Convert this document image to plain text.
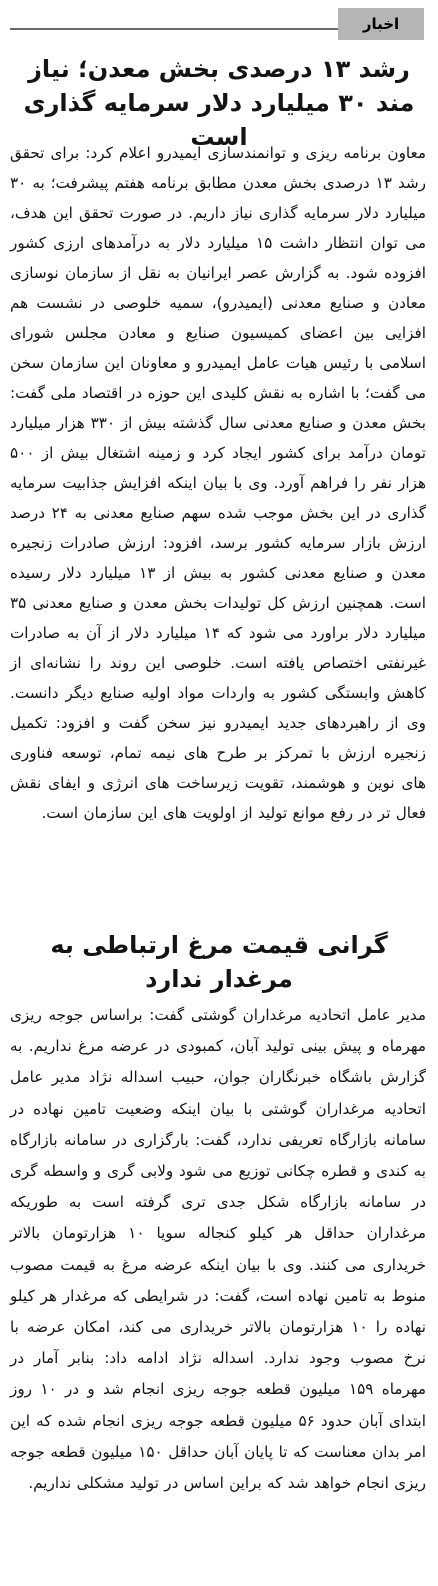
اخبار
رشد ۱۳ درصدی بخش معدن؛ نیاز مند ۳۰ میلیارد دلار سرمایه گذاری است

معاون برنامه ریزی و توانمندسازی ایمیدرو اعلام کرد: برای تحقق رشد ۱۳ درصدی بخش معدن مطابق برنامه هفتم پیشرفت؛ به ۳۰ میلیارد دلار سرمایه گذاری نیاز داریم. در صورت تحقق این هدف، می توان انتظار داشت ۱۵ میلیارد دلار به درآمدهای ارزی کشور افزوده شود. به گزارش عصر ایرانیان به نقل از سازمان نوسازی معادن و صنایع معدنی (ایمیدرو)، سمیه خلوصی در نشست هم افزایی بین اعضای کمیسیون صنایع و معادن مجلس شورای اسلامی با رئیس هیات عامل ایمیدرو و معاونان این سازمان سخن می گفت؛ با اشاره به نقش کلیدی این حوزه در اقتصاد ملی گفت: بخش معدن و صنایع معدنی سال گذشته بیش از ۳۳۰ هزار میلیارد تومان درآمد برای کشور ایجاد کرد و زمینه اشتغال بیش از ۵۰۰ هزار نفر را فراهم آورد. وی با بیان اینکه افزایش جذابیت سرمایه گذاری در این بخش موجب شده سهم صنایع معدنی به ۲۴ درصد ارزش بازار سرمایه کشور برسد، افزود: ارزش صادرات زنجیره معدن و صنایع معدنی کشور به بیش از ۱۳ میلیارد دلار رسیده است. همچنین ارزش کل تولیدات بخش معدن و صنایع معدنی ۳۵ میلیارد دلار براورد می شود که ۱۴ میلیارد دلار از آن به صادرات غیرنفتی اختصاص یافته است. خلوصی این روند را نشانه‌ای از کاهش وابستگی کشور به واردات مواد اولیه صنایع دیگر دانست. وی از راهبردهای جدید ایمیدرو نیز سخن گفت و افزود: تکمیل زنجیره ارزش با تمرکز بر طرح های نیمه تمام، توسعه فناوری های نوین و هوشمند، تقویت زیرساخت های انرژی و ایفای نقش فعال تر در رفع موانع تولید از اولویت های این سازمان است.

گرانی قیمت مرغ ارتباطی به مرغدار ندارد

مدیر عامل اتحادیه مرغداران گوشتی گفت: براساس جوجه ریزی مهرماه و پیش بینی تولید آبان، کمبودی در عرضه مرغ نداریم. به گزارش باشگاه خبرنگاران جوان، حبیب اسداله نژاد مدیر عامل اتحادیه مرغداران گوشتی با بیان اینکه وضعیت تامین نهاده در سامانه بازارگاه تعریفی ندارد، گفت: بارگزاری در سامانه بازارگاه به کندی و قطره چکانی توزیع می شود ولابی گری و واسطه گری در سامانه بازارگاه شکل جدی تری گرفته است به طوریکه مرغداران حداقل هر کیلو کنجاله سویا ۱۰ هزارتومان بالاتر خریداری می کنند. وی با بیان اینکه عرضه مرغ به قیمت مصوب منوط به تامین نهاده است، گفت: در شرایطی که مرغدار هر کیلو نهاده را ۱۰ هزارتومان بالاتر خریداری می کند، امکان عرضه با نرخ مصوب وجود ندارد. اسداله نژاد ادامه داد: بنابر آمار در مهرماه ۱۵۹ میلیون قطعه جوجه ریزی انجام شد و در ۱۰ روز ابتدای آبان حدود ۵۶ میلیون قطعه جوجه ریزی انجام شده که این امر بدان معناست که تا پایان آبان حداقل ۱۵۰ میلیون قطعه جوجه ریزی انجام خواهد شد که براین اساس در تولید مشکلی نداریم.
